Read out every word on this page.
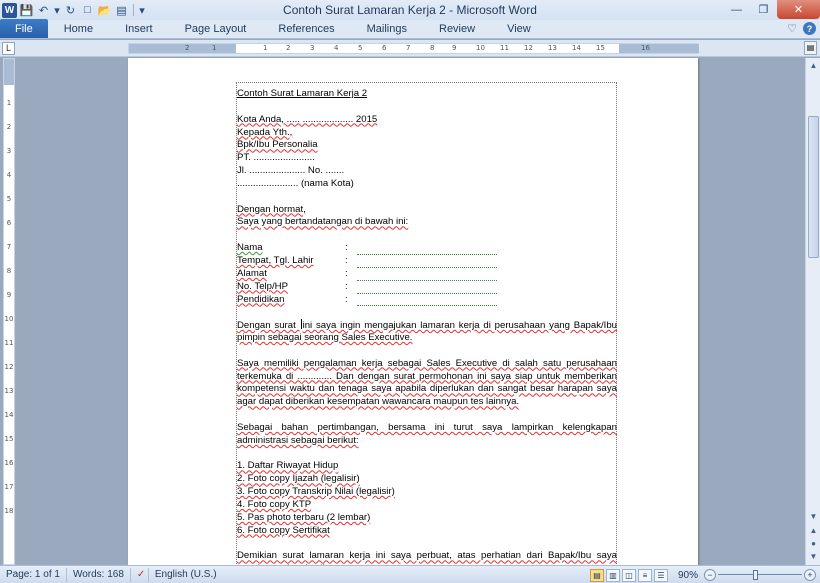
W 💾 ↶ ▾ ↻ □ 📂 ▤ ▾	Contoh Surat Lamaran Kerja 2 - Microsoft Word	—	❐	✕
File	Home	Insert	Page Layout	References	Mailings	Review	View	♡	?
L	2	1	1	2	3	4	5	6	7	8	9	10 11 12 13 14 15	16	▤
1
2
3
4
5
6
7
8
9
10
11
12
13
14
15
16
17
18
Contoh Surat Lamaran Kerja 2
Kota Anda, ..... ................... 2015
Kepada Yth.,
Bpk/Ibu Personalia
PT. .......................
Jl. ..................... No. .......
....................... (nama Kota)
Dengan hormat,
Saya yang bertandatangan di bawah ini:
Nama	:
Tempat, Tgl. Lahir	:
Alamat	:
No. Telp/HP	:
Pendidikan	:
Dengan surat ini saya ingin mengajukan lamaran kerja di perusahaan yang Bapak/Ibu
pimpin sebagai seorang Sales Executive.
Saya memiliki pengalaman kerja sebagai Sales Executive di salah satu perusahaan
terkemuka di ............. Dan dengan surat permohonan ini saya siap untuk memberikan
kompetensi waktu dan tenaga saya apabila diperlukan dan sangat besar harapan saya
agar dapat diberikan kesempatan wawancara maupun tes lainnya.
Sebagai bahan pertimbangan, bersama ini turut saya lampirkan kelengkapan
administrasi sebagai berikut:
1. Daftar Riwayat Hidup
2. Foto copy Ijazah (legalisir)
3. Foto copy Transkrip Nilai (legalisir)
4. Foto copy KTP
5. Pas photo terbaru (2 lembar)
6. Foto copy Sertifikat
Demikian surat lamaran kerja ini saya perbuat, atas perhatian dari Bapak/Ibu saya
▲
▼
▲
●
▼
Page: 1 of 1	Words: 168	✓ English (U.S.)	▤	▥	◫	≡	☰	90%	−	+
